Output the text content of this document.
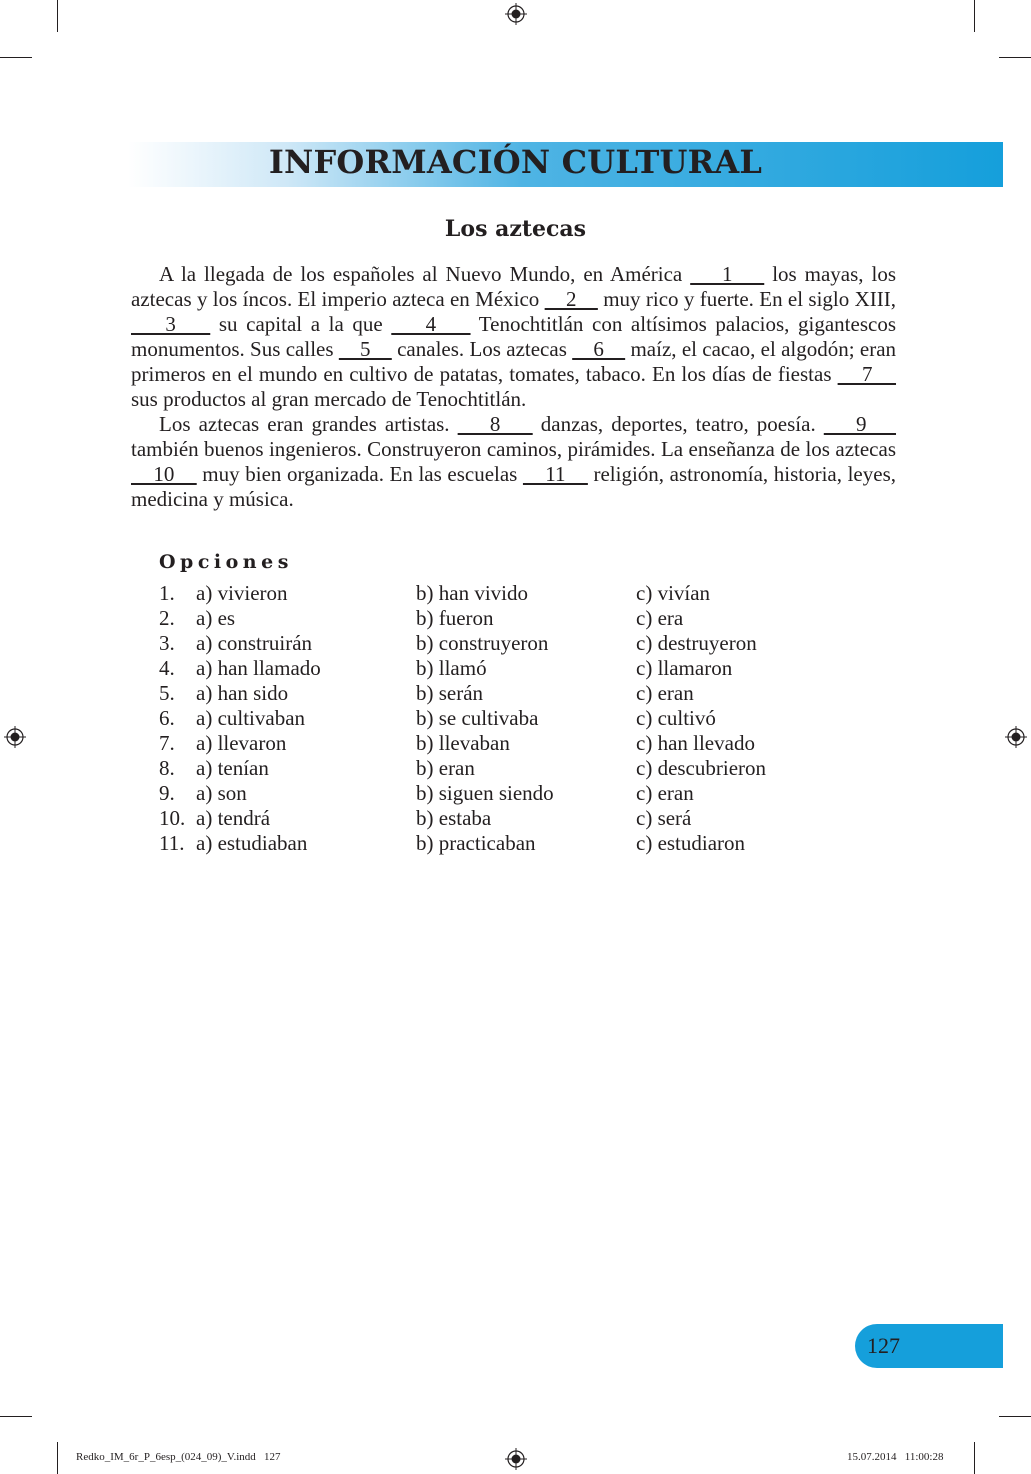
INFORMACIÓN CULTURAL
Los aztecas

A la llegada de los españoles al Nuevo Mundo, en América     1     los mayas, los aztecas y los íncos. El imperio azteca en México     2     muy rico y fuerte. En el siglo XIII,     3     su capital a la que     4     Tenochtitlán con altísimos palacios, gigantescos monumentos. Sus calles     5     canales. Los aztecas     6     maíz, el cacao, el algodón; eran primeros en el mundo en cultivo de patatas, tomates, tabaco. En los días de fiestas     7     sus productos al gran mercado de Tenochtitlán.

Los aztecas eran grandes artistas.     8     danzas, deportes, teatro, poesía.     9     también buenos ingenieros. Construyeron caminos, pirámides. La enseñanza de los aztecas     10     muy bien organizada. En las escuelas     11     religión, astronomía, historia, leyes, medicina y música.

Opciones
1. a) vivieron	b) han vivido	c) vivían
2. a) es	b) fueron	c) era
3. a) construirán	b) construyeron	c) destruyeron
4. a) han llamado	b) llamó	c) llamaron
5. a) han sido	b) serán	c) eran
6. a) cultivaban	b) se cultivaba	c) cultivó
7. a) llevaron	b) llevaban	c) han llevado
8. a) tenían	b) eran	c) descubrieron
9. a) son	b) siguen siendo	c) eran
10. a) tendrá	b) estaba	c) será
11. a) estudiaban	b) practicaban	c) estudiaron
127
Redko_IM_6r_P_6esp_(024_09)_V.indd   127	15.07.2014   11:00:28
